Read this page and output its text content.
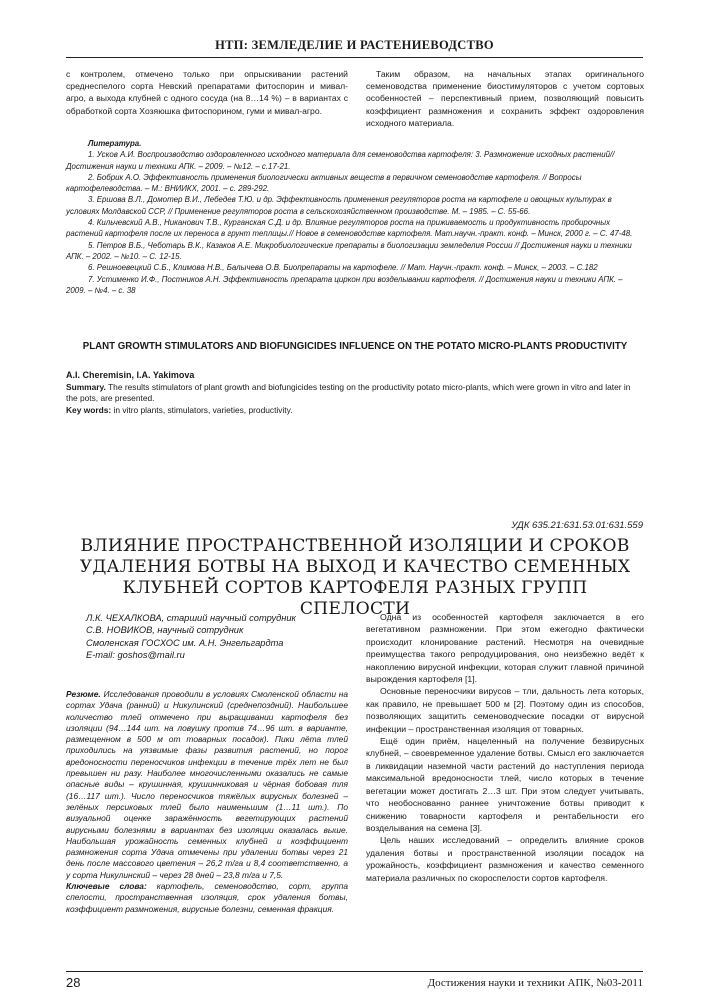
НТП: ЗЕМЛЕДЕЛИЕ И РАСТЕНИЕВОДСТВО

с контролем, отмечено только при опрыскивании растений среднеспелого сорта Невский препаратами фитоспорин и мивал-агро, а выхода клубней с одного сосуда (на 8…14 %) – в вариантах с обработкой сорта Хозяюшка фитоспорином, гуми и мивал-агро.

Таким образом, на начальных этапах оригинального семеноводства применение биостимуляторов с учетом сортовых особенностей – перспективный прием, позволяющий повысить коэффициент размножения и сохранить эффект оздоровления исходного материала.

Литература.

1. Усков А.И. Воспроизводство оздоровленного исходного материала для семеноводства картофеля: 3. Размножение исходных растений// Достижения науки и техники АПК. – 2009. – №12. – с.17-21.

2. Бобрик А.О. Эффективность применения биологически активных веществ в первичном семеноводстве картофеля. // Вопросы картофелеводства. – М.: ВНИИКХ, 2001. – с. 289-292.

3. Ершова В.Л., Домотер В.И., Лебедев Т.Ю. и др. Эффективность применения регуляторов роста на картофеле и овощных культурах в условиях Молдавской ССР, // Применение регуляторов роста в сельскохозяйственном производстве. М. – 1985. – С. 55-66.

4. Кильчевский А.В., Никанович Т.В., Курганская С.Д. и др. Влияние регуляторов роста на приживаемость и продуктивность пробирочных растений картофеля после их переноса в грунт теплицы.// Новое в семеноводстве картофеля. Мат.научн.-практ. конф. – Минск, 2000 г. – С. 47-48.

5. Петров В.Б., Чеботарь В.К., Казаков А.Е. Микробиологические препараты в биологизации земледелия России // Достижения науки и техники АПК. – 2002. – №10. – С. 12-15.

6. Решноевецкий С.Б., Климова Н.В., Балычева О.В. Биопрепараты на картофеле. // Мат. Научн.-практ. конф. – Минск, – 2003. – С.182

7. Устименко И.Ф., Постников А.Н. Эффективность препарата циркон при возделывании картофеля. // Достижения науки и техники АПК. – 2009. – №4. – с. 38

PLANT GROWTH STIMULATORS AND BIOFUNGICIDES INFLUENCE ON THE POTATO MICRO-PLANTS PRODUCTIVITY
A.I. Cheremisin, I.A. Yakimova

Summary. The results stimulators of plant growth and biofungicides testing on the productivity potato micro-plants, which were grown in vitro and later in the pots, are presented.

Key words: in vitro plants, stimulators, varieties, productivity.

УДК 635.21:631.53.01:631.559
ВЛИЯНИЕ ПРОСТРАНСТВЕННОЙ ИЗОЛЯЦИИ И СРОКОВ УДАЛЕНИЯ БОТВЫ НА ВЫХОД И КАЧЕСТВО СЕМЕННЫХ КЛУБНЕЙ СОРТОВ КАРТОФЕЛЯ РАЗНЫХ ГРУПП СПЕЛОСТИ
Л.К. ЧЕХАЛКОВА, старший научный сотрудник
С.В. НОВИКОВ, научный сотрудник
Смоленская ГОСХОС им. А.Н. Энгельгардта
E-mail: goshos@mail.ru

Резюме. Исследования проводили в условиях Смоленской области на сортах Удача (ранний) и Никулинский (среднепоздний). Наибольшее количество тлей отмечено при выращивании картофеля без изоляции (94…144 шт. на ловушку против 74…96 шт. в варианте, размещенном в 500 м от товарных посадок). Пики лёта тлей приходились на уязвимые фазы развития растений, но порог вредоносности переносчиков инфекции в течение трёх лет не был превышен ни разу. Наиболее многочисленными оказались не самые опасные виды – крушинная, крушинниковая и чёрная бобовая тля (16…117 шт.). Число переносчиков тяжёлых вирусных болезней – зелёных персиковых тлей было наименьшим (1…11 шт.). По визуальной оценке заражённость вегетирующих растений вирусными болезнями в вариантах без изоляции оказалась выше. Наибольшая урожайность семенных клубней и коэффициент размножения сорта Удача отмечены при удалении ботвы через 21 день после массового цветения – 26,2 т/га и 8,4 соответственно, а у сорта Никулинский – через 28 дней – 23,8 т/га и 7,5.

Ключевые слова: картофель, семеноводство, сорт, группа спелости, пространственная изоляция, срок удаления ботвы, коэффициент размножения, вирусные болезни, семенная фракция.

Одна из особенностей картофеля заключается в его вегетативном размножении. При этом ежегодно фактически происходит клонирование растений. Несмотря на очевидные преимущества такого репродуцирования, оно неизбежно ведёт к накоплению вирусной инфекции, которая служит главной причиной вырождения картофеля [1].

Основные переносчики вирусов – тли, дальность лета которых, как правило, не превышает 500 м [2]. Поэтому один из способов, позволяющих защитить семеноводческие посадки от вирусной инфекции – пространственная изоляция от товарных.

Ещё один приём, нацеленный на получение безвирусных клубней, – своевременное удаление ботвы. Смысл его заключается в ликвидации наземной части растений до наступления периода максимальной вредоносности тлей, число которых в течение вегетации может достигать 2…3 шт. При этом следует учитывать, что необоснованно раннее уничтожение ботвы приводит к снижению товарности картофеля и рентабельности его возделывания на семена [3].

Цель наших исследований – определить влияние сроков удаления ботвы и пространственной изоляции посадок на урожайность, коэффициент размножения и качество семенного материала различных по скороспелости сортов картофеля.

28	Достижения науки и техники АПК, №03-2011
